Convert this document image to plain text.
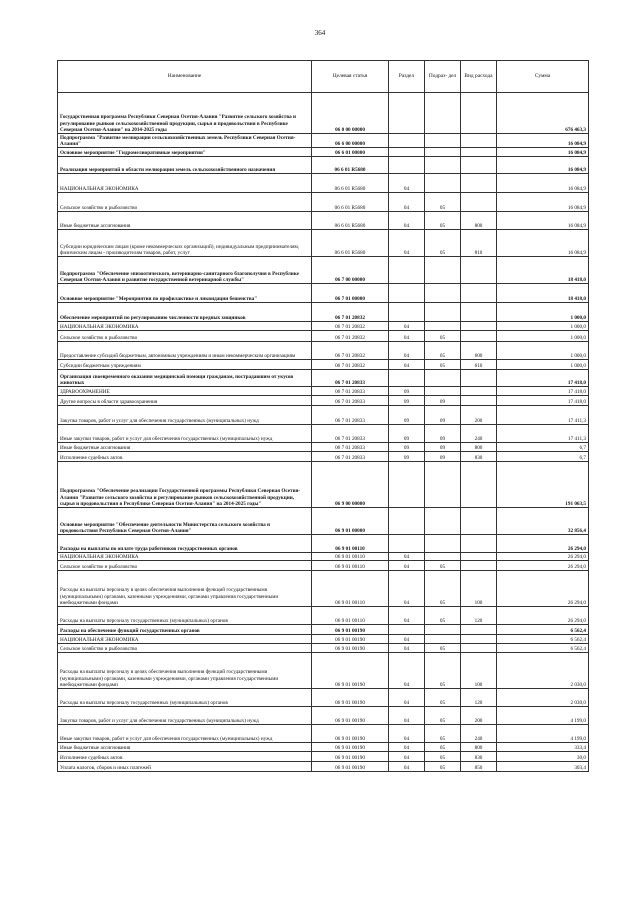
364
Наименование	Целевая статья	Раздел	Подраз- дел	Вид расхода	Сумма
Государственная программа Республики Северная Осетия-Алания "Развитие сельского хозяйства и регулирование рынков сельскохозяйственной продукции, сырья и продовольствия в Республике Северная Осетия-Алания" на 2014-2025 годы	06 0 00 00000				676 463,3
Подпрограмма "Развитие мелиорации сельскохозяйственных земель Республики Северная Осетия-Алания"	06 6 00 00000				16 084,9
Основное мероприятие "Гидромелиоративные мероприятия"	06 6 01 00000				16 084,9
Реализация мероприятий в области мелиорации земель сельскохозяйственного назначения	06 6 01 R5680				16 084,9
НАЦИОНАЛЬНАЯ ЭКОНОМИКА	06 6 01 R5680	04			16 084,9
Сельское хозяйство и рыболовство	06 6 01 R5680	04	05		16 084,9
Иные бюджетные ассигнования	06 6 01 R5680	04	05	800	16 084,9
Субсидии юридическим лицам (кроме некоммерческих организаций), индивидуальным предпринимателям, физическим лицам - производителям товаров, работ, услуг	06 6 01 R5680	04	05	810	16 084,9
Подпрограмма "Обеспечение эпизоотического, ветеринарно-санитарного благополучия в Республике Северная Осетия-Алания и развитие государственной ветеринарной службы"	06 7 00 00000				18 418,0
Основное мероприятие "Мероприятия по профилактике и ликвидации бешенства"	06 7 01 00000				18 418,0
Обеспечение мероприятий по регулированию численности вредных хищников	06 7 01 20832				1 000,0
НАЦИОНАЛЬНАЯ ЭКОНОМИКА	06 7 01 20832	04			1 000,0
Сельское хозяйство и рыболовство	06 7 01 20832	04	05		1 000,0
Предоставление субсидий бюджетным, автономным учреждениям и иным некоммерческим организациям	06 7 01 20832	04	05	600	1 000,0
Субсидии бюджетным учреждениям	06 7 01 20832	04	05	610	1 000,0
Организация своевременного оказания медицинской помощи гражданам, пострадавшим от укусов животных	06 7 01 20833				17 418,0
ЗДРАВООХРАНЕНИЕ	06 7 01 20833	09			17 418,0
Другие вопросы в области здравоохранения	06 7 01 20833	09	09		17 418,0
Закупка товаров, работ и услуг для обеспечения государственных (муниципальных) нужд	06 7 01 20833	09	09	200	17 411,3
Иные закупки товаров, работ и услуг для обеспечения государственных (муниципальных) нужд	06 7 01 20833	09	09	240	17 411,3
Иные бюджетные ассигнования	06 7 01 20833	09	09	800	6,7
Исполнение судебных актов	06 7 01 20833	09	09	830	6,7
Подпрограмма "Обеспечение реализации Государственной программы Республики Северная Осетия-Алания "Развитие сельского хозяйства и регулирование рынков сельскохозяйственной продукции, сырья и продовольствия в Республике Северная Осетия-Алания" на 2014-2025 годы"	06 9 00 00000				191 063,5
Основное мероприятие "Обеспечение деятельности Министерства сельского хозяйства и продовольствия Республики Северная Осетия-Алания"	06 9 01 00000				32 856,4
Расходы на выплаты по оплате труда работников государственных органов	06 9 01 00110				26 294,0
НАЦИОНАЛЬНАЯ ЭКОНОМИКА	06 9 01 00110	04			26 294,0
Сельское хозяйство и рыболовство	06 9 01 00110	04	05		26 294,0
Расходы на выплаты персоналу в целях обеспечения выполнения функций государственными (муниципальными) органами, казенными учреждениями, органами управления государственными внебюджетными фондами	06 9 01 00110	04	05	100	26 294,0
Расходы на выплаты персоналу государственных (муниципальных) органов	06 9 01 00110	04	05	120	26 294,0
Расходы на обеспечение функций государственных органов	06 9 01 00190				6 562,4
НАЦИОНАЛЬНАЯ ЭКОНОМИКА	06 9 01 00190	04			6 562,4
Сельское хозяйство и рыболовство	06 9 01 00190	04	05		6 562,4
Расходы на выплаты персоналу в целях обеспечения выполнения функций государственными (муниципальными) органами, казенными учреждениями, органами управления государственными внебюджетными фондами	06 9 01 00190	04	05	100	2 030,0
Расходы на выплаты персоналу государственных (муниципальных) органов	06 9 01 00190	04	05	120	2 030,0
Закупка товаров, работ и услуг для обеспечения государственных (муниципальных) нужд	06 9 01 00190	04	05	200	4 199,0
Иные закупки товаров, работ и услуг для обеспечения государственных (муниципальных) нужд	06 9 01 00190	04	05	240	4 199,0
Иные бюджетные ассигнования	06 9 01 00190	04	05	800	333,4
Исполнение судебных актов	06 9 01 00190	04	05	830	30,0
Уплата налогов, сборов и иных платежей	06 9 01 00190	04	05	850	303,4
